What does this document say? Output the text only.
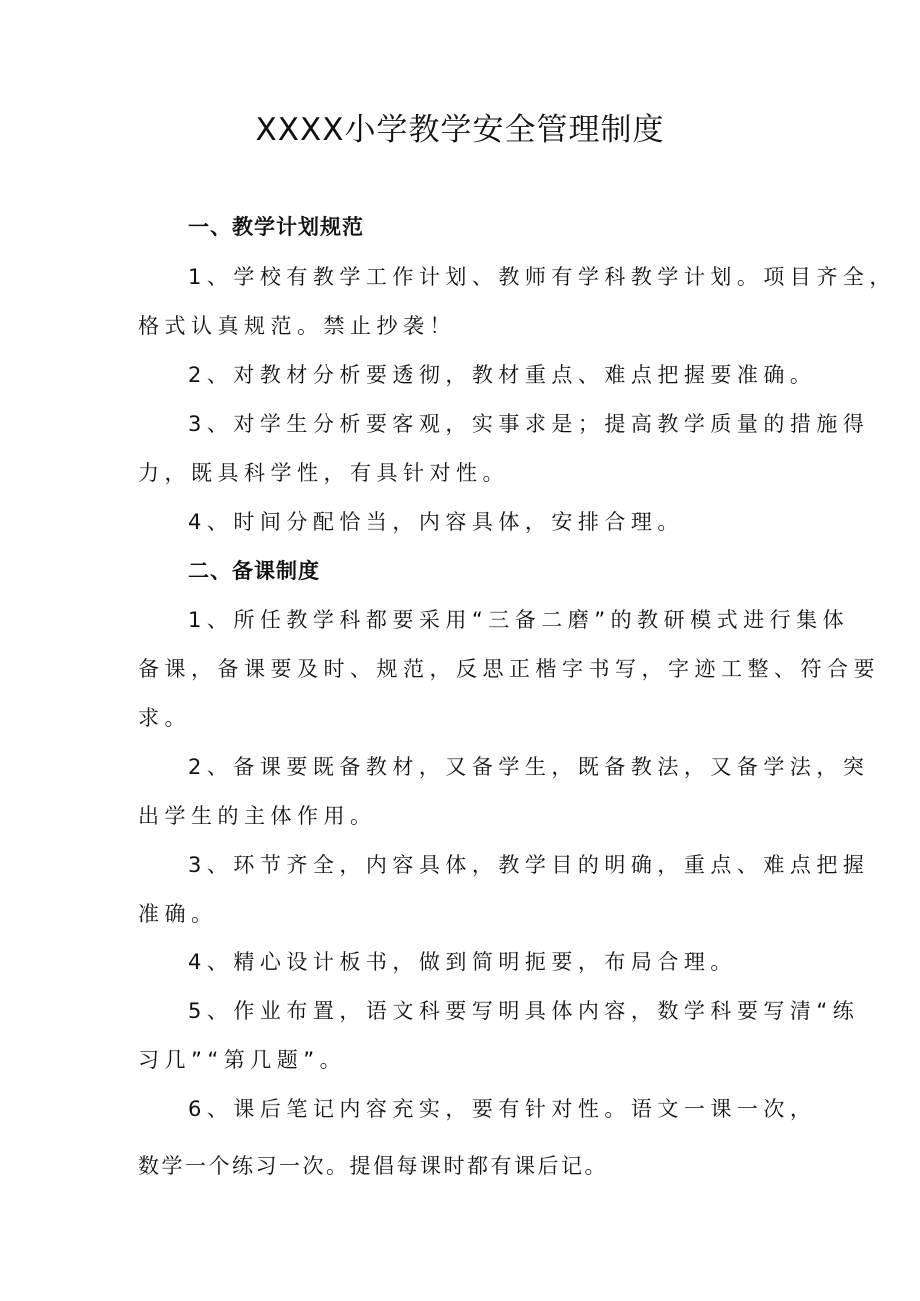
XXXX小学教学安全管理制度
一、教学计划规范
1、学校有教学工作计划、教师有学科教学计划。项目齐全，
格式认真规范。禁止抄袭！
2、对教材分析要透彻，教材重点、难点把握要准确。
3、对学生分析要客观，实事求是；提高教学质量的措施得
力，既具科学性，有具针对性。
4、时间分配恰当，内容具体，安排合理。
二、备课制度
1、所任教学科都要采用“三备二磨”的教研模式进行集体
备课，备课要及时、规范，反思正楷字书写，字迹工整、符合要
求。
2、备课要既备教材，又备学生，既备教法，又备学法，突
出学生的主体作用。
3、环节齐全，内容具体，教学目的明确，重点、难点把握
准确。
4、精心设计板书，做到简明扼要，布局合理。
5、作业布置，语文科要写明具体内容，数学科要写清“练
习几”“第几题”。
6、课后笔记内容充实，要有针对性。语文一课一次，
数学一个练习一次。提倡每课时都有课后记。
